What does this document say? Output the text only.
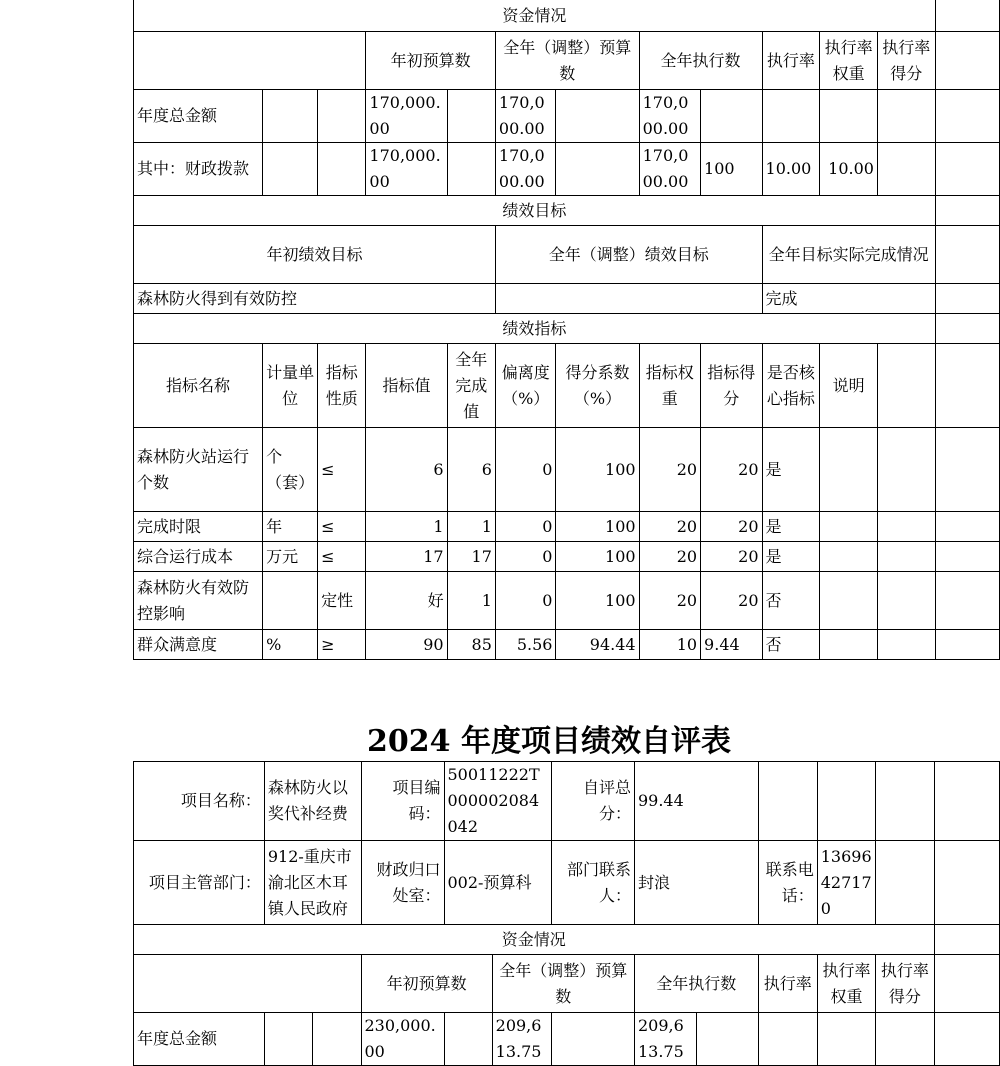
资金情况												
			年初预算数		全年（调整）预算数		全年执行数		执行率	执行率权重	执行率得分	
年度总金额			170,000.00		170,000.00		170,000.00					
其中：财政拨款			170,000.00		170,000.00		170,000.00	100	10.00	10.00		
绩效目标												
年初绩效目标					全年（调整）绩效目标				全年目标实际完成情况			
森林防火得到有效防控									完成			
绩效指标												
指标名称	计量单位	指标性质	指标值	全年完成值	偏离度（%）	得分系数（%）	指标权重	指标得分	是否核心指标	说明		
森林防火站运行个数	个（套）	≤	6	6	0	100	20	20	是			
完成时限	年	≤	1	1	0	100	20	20	是			
综合运行成本	万元	≤	17	17	0	100	20	20	是			
森林防火有效防控影响		定性	好	1	0	100	20	20	否			
群众满意度	%	≥	90	85	5.56	94.44	10	9.44	否			
2024 年度项目绩效自评表
项目名称：	森林防火以奖代补经费		项目编码：	50011222T000002084042		自评总分：	99.44					
项目主管部门：	912-重庆市渝北区木耳镇人民政府		财政归口处室：	002-预算科		部门联系人：	封浪		联系电话：	13696427170		
资金情况												
			年初预算数		全年（调整）预算数		全年执行数		执行率	执行率权重	执行率得分	
年度总金额			230,000.00		209,613.75		209,613.75					
